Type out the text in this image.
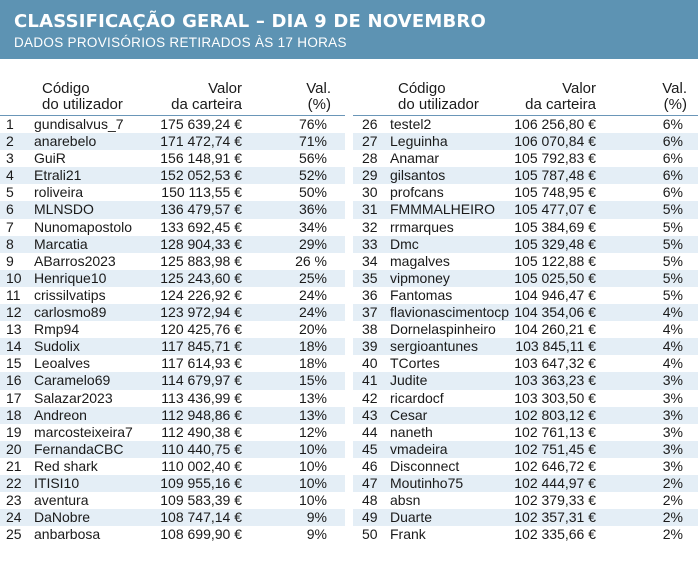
CLASSIFICAÇÃO GERAL – DIA 9 DE NOVEMBRO
DADOS PROVISÓRIOS RETIRADOS ÀS 17 HORAS
Código
do utilizador
Valor
da carteira
Val.
(%)
1 gundisalvus_7	175 639,24 €	76%
2 anarebelo	171 472,74 €	71%
3 GuiR	156 148,91 €	56%
4 Etrali21	152 052,53 €	52%
5 roliveira	150 113,55 €	50%
6 MLNSDO	136 479,57 €	36%
7 Nunomapostolo 133 692,45 €	34%
8 Marcatia	128 904,33 €	29%
9 ABarros2023	125 883,98 €	26 %
10 Henrique10	125 243,60 €	25%
11 crissilvatips	124 226,92 €	24%
12 carlosmo89	123 972,94 €	24%
13 Rmp94	120 425,76 €	20%
14 Sudolix	117 845,71 €	18%
15 Leoalves	117 614,93 €	18%
16 Caramelo69	114 679,97 €	15%
17 Salazar2023	113 436,99 €	13%
18 Andreon	112 948,86 €	13%
19 marcosteixeira7 112 490,38 €	12%
20 FernandaCBC	110 440,75 €	10%
21 Red shark	110 002,40 €	10%
22 ITISI10	109 955,16 €	10%
23 aventura	109 583,39 €	10%
24 DaNobre	108 747,14 €	9%
25 anbarbosa	108 699,90 €	9%
Código
do utilizador
Valor
da carteira
Val.
(%)
26 testel2	106 256,80 €	6%
27 Leguinha	106 070,84 €	6%
28 Anamar	105 792,83 €	6%
29 gilsantos	105 787,48 €	6%
30 profcans	105 748,95 €	6%
31 FMMMALHEIRO 105 477,07 €	5%
32 rrmarques	105 384,69 €	5%
33 Dmc	105 329,48 €	5%
34 magalves	105 122,88 €	5%
35 vipmoney	105 025,50 €	5%
36 Fantomas	104 946,47 €	5%
37 flavionascimentocp 104 354,06 €	4%
38 Dornelaspinheiro 104 260,21 €	4%
39 sergioantunes	103 845,11 €	4%
40 TCortes	103 647,32 €	4%
41 Judite	103 363,23 €	3%
42 ricardocf	103 303,50 €	3%
43 Cesar	102 803,12 €	3%
44 naneth	102 761,13 €	3%
45 vmadeira	102 751,45 €	3%
46 Disconnect	102 646,72 €	3%
47 Moutinho75	102 444,97 €	2%
48 absn	102 379,33 €	2%
49 Duarte	102 357,31 €	2%
50 Frank	102 335,66 €	2%
